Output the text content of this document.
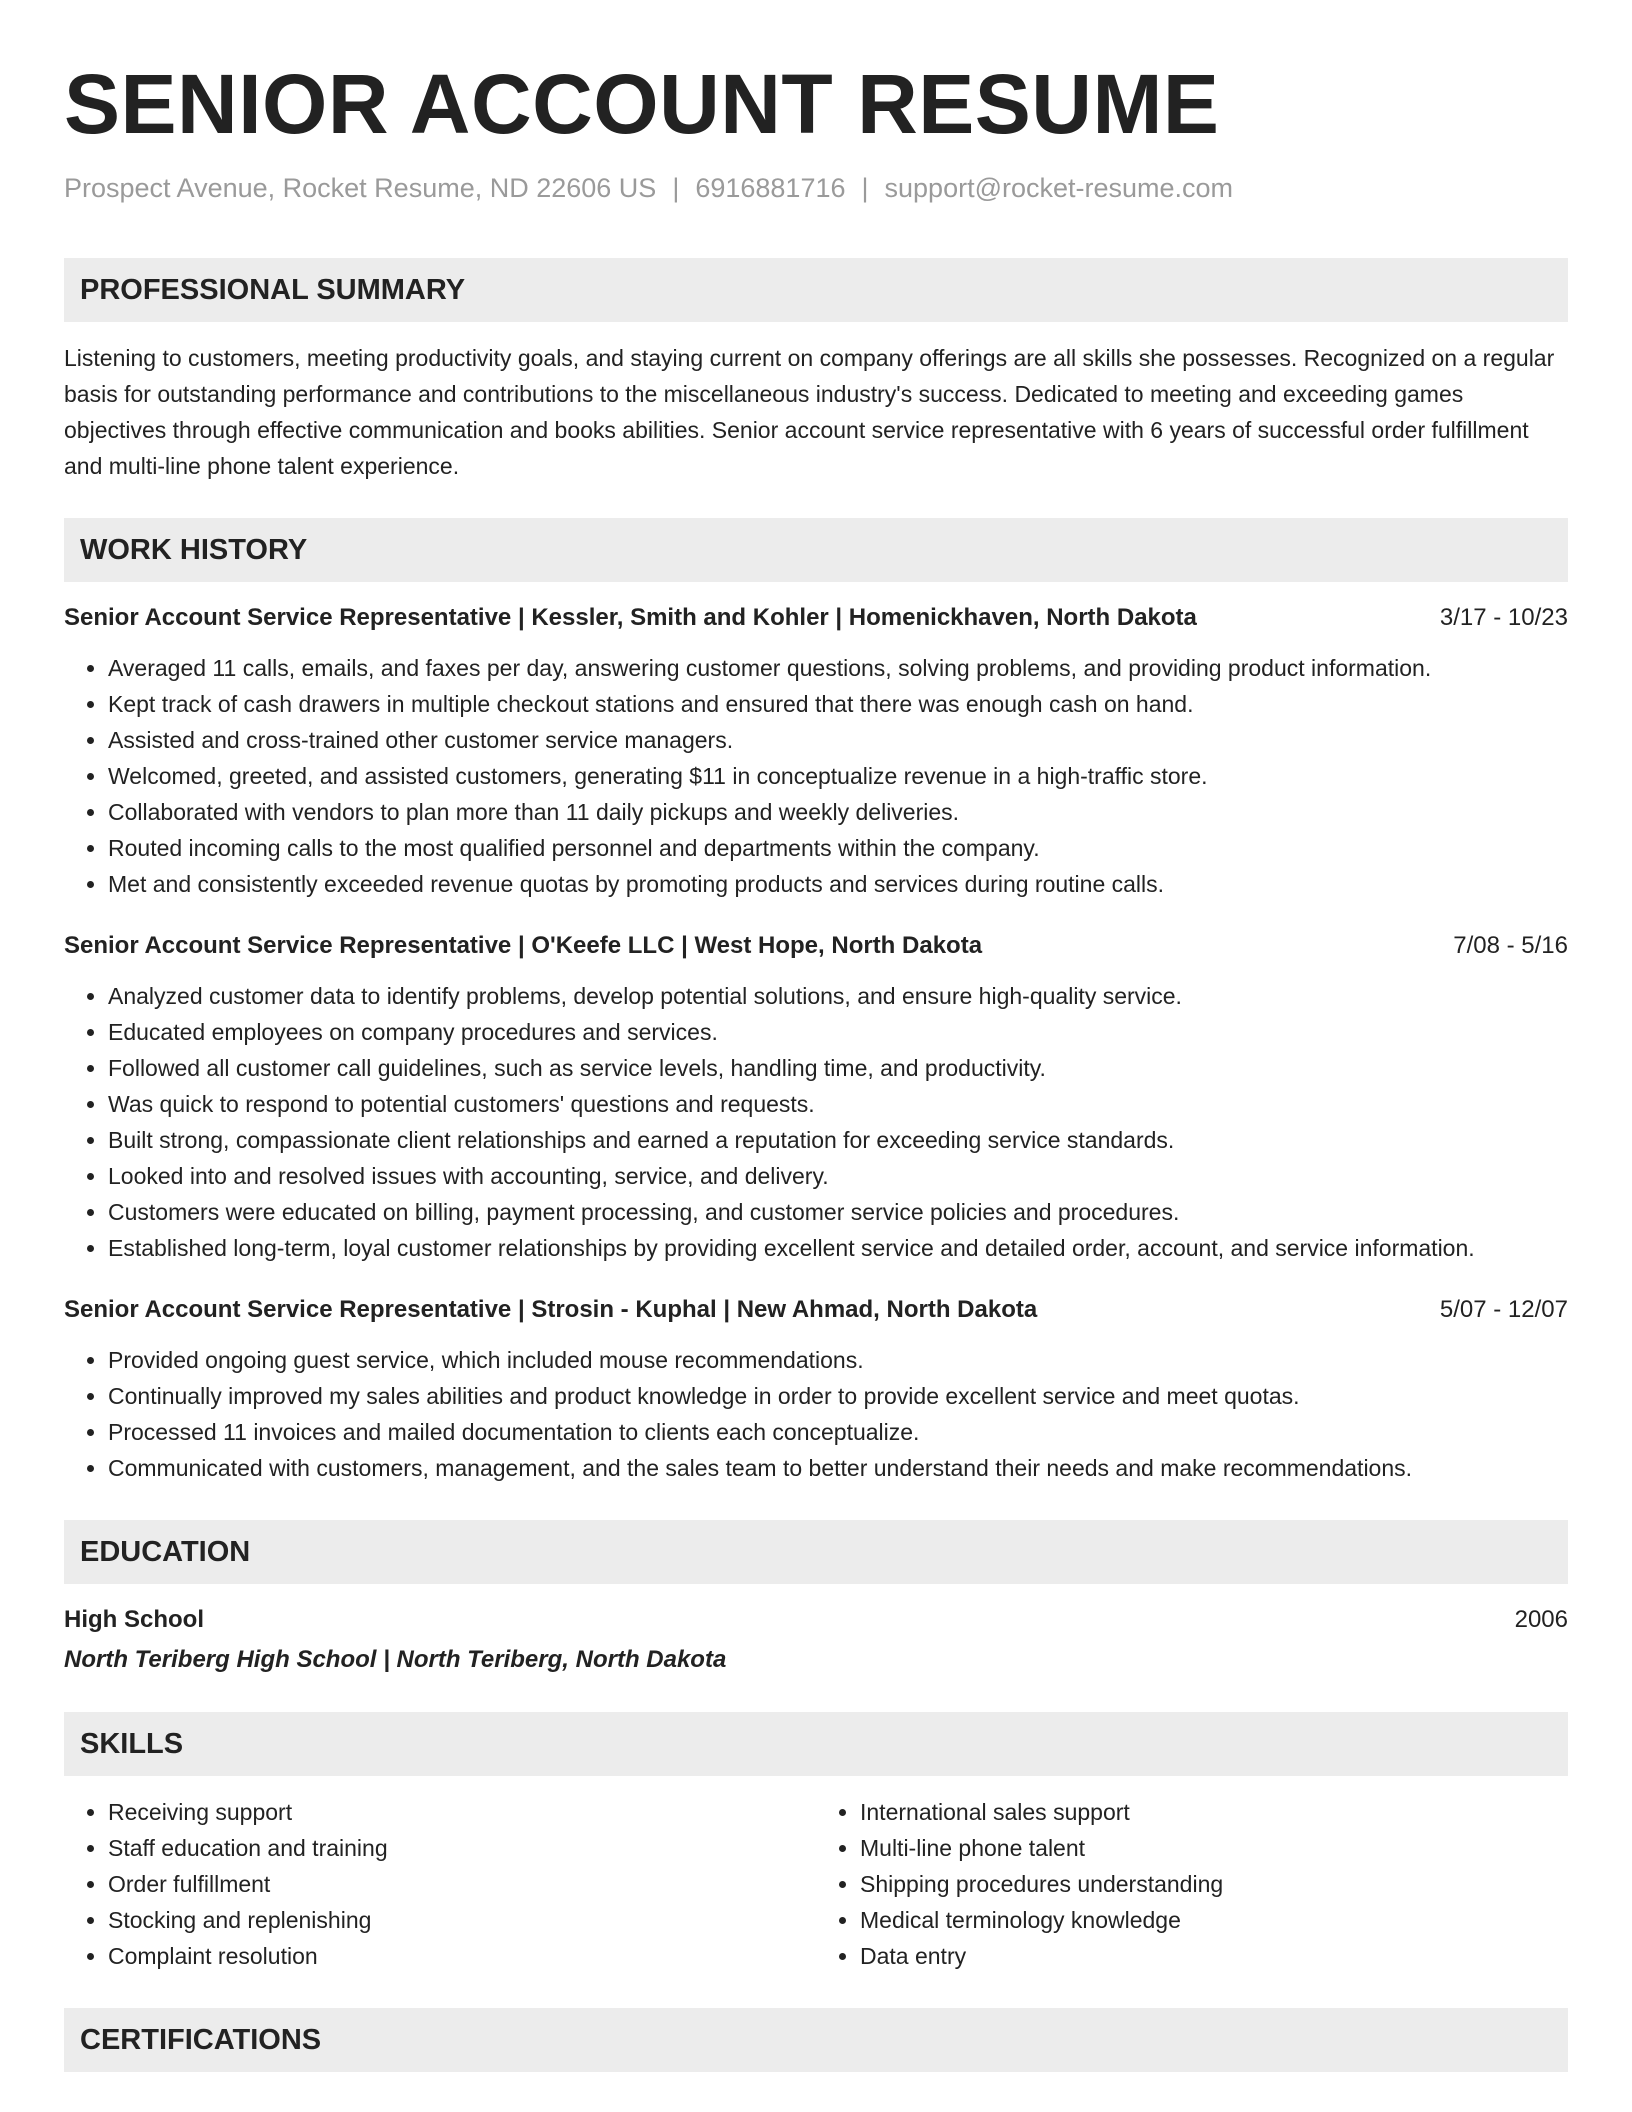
SENIOR ACCOUNT RESUME
Prospect Avenue, Rocket Resume, ND 22606 US | 6916881716 | support@rocket-resume.com
PROFESSIONAL SUMMARY

Listening to customers, meeting productivity goals, and staying current on company offerings are all skills she possesses. Recognized on a regular basis for outstanding performance and contributions to the miscellaneous industry's success. Dedicated to meeting and exceeding games objectives through effective communication and books abilities. Senior account service representative with 6 years of successful order fulfillment and multi-line phone talent experience.

WORK HISTORY
Senior Account Service Representative | Kessler, Smith and Kohler | Homenickhaven, North Dakota	3/17 - 10/23
• Averaged 11 calls, emails, and faxes per day, answering customer questions, solving problems, and providing product information.
• Kept track of cash drawers in multiple checkout stations and ensured that there was enough cash on hand.
• Assisted and cross-trained other customer service managers.
• Welcomed, greeted, and assisted customers, generating $11 in conceptualize revenue in a high-traffic store.
• Collaborated with vendors to plan more than 11 daily pickups and weekly deliveries.
• Routed incoming calls to the most qualified personnel and departments within the company.
• Met and consistently exceeded revenue quotas by promoting products and services during routine calls.
Senior Account Service Representative | O'Keefe LLC | West Hope, North Dakota	7/08 - 5/16
• Analyzed customer data to identify problems, develop potential solutions, and ensure high-quality service.
• Educated employees on company procedures and services.
• Followed all customer call guidelines, such as service levels, handling time, and productivity.
• Was quick to respond to potential customers' questions and requests.
• Built strong, compassionate client relationships and earned a reputation for exceeding service standards.
• Looked into and resolved issues with accounting, service, and delivery.
• Customers were educated on billing, payment processing, and customer service policies and procedures.
• Established long-term, loyal customer relationships by providing excellent service and detailed order, account, and service information.
Senior Account Service Representative | Strosin - Kuphal | New Ahmad, North Dakota	5/07 - 12/07
• Provided ongoing guest service, which included mouse recommendations.
• Continually improved my sales abilities and product knowledge in order to provide excellent service and meet quotas.
• Processed 11 invoices and mailed documentation to clients each conceptualize.
• Communicated with customers, management, and the sales team to better understand their needs and make recommendations.
EDUCATION
High School	2006
North Teriberg High School | North Teriberg, North Dakota
SKILLS
• Receiving support
• Staff education and training
• Order fulfillment
• Stocking and replenishing
• Complaint resolution
• International sales support
• Multi-line phone talent
• Shipping procedures understanding
• Medical terminology knowledge
• Data entry
CERTIFICATIONS
